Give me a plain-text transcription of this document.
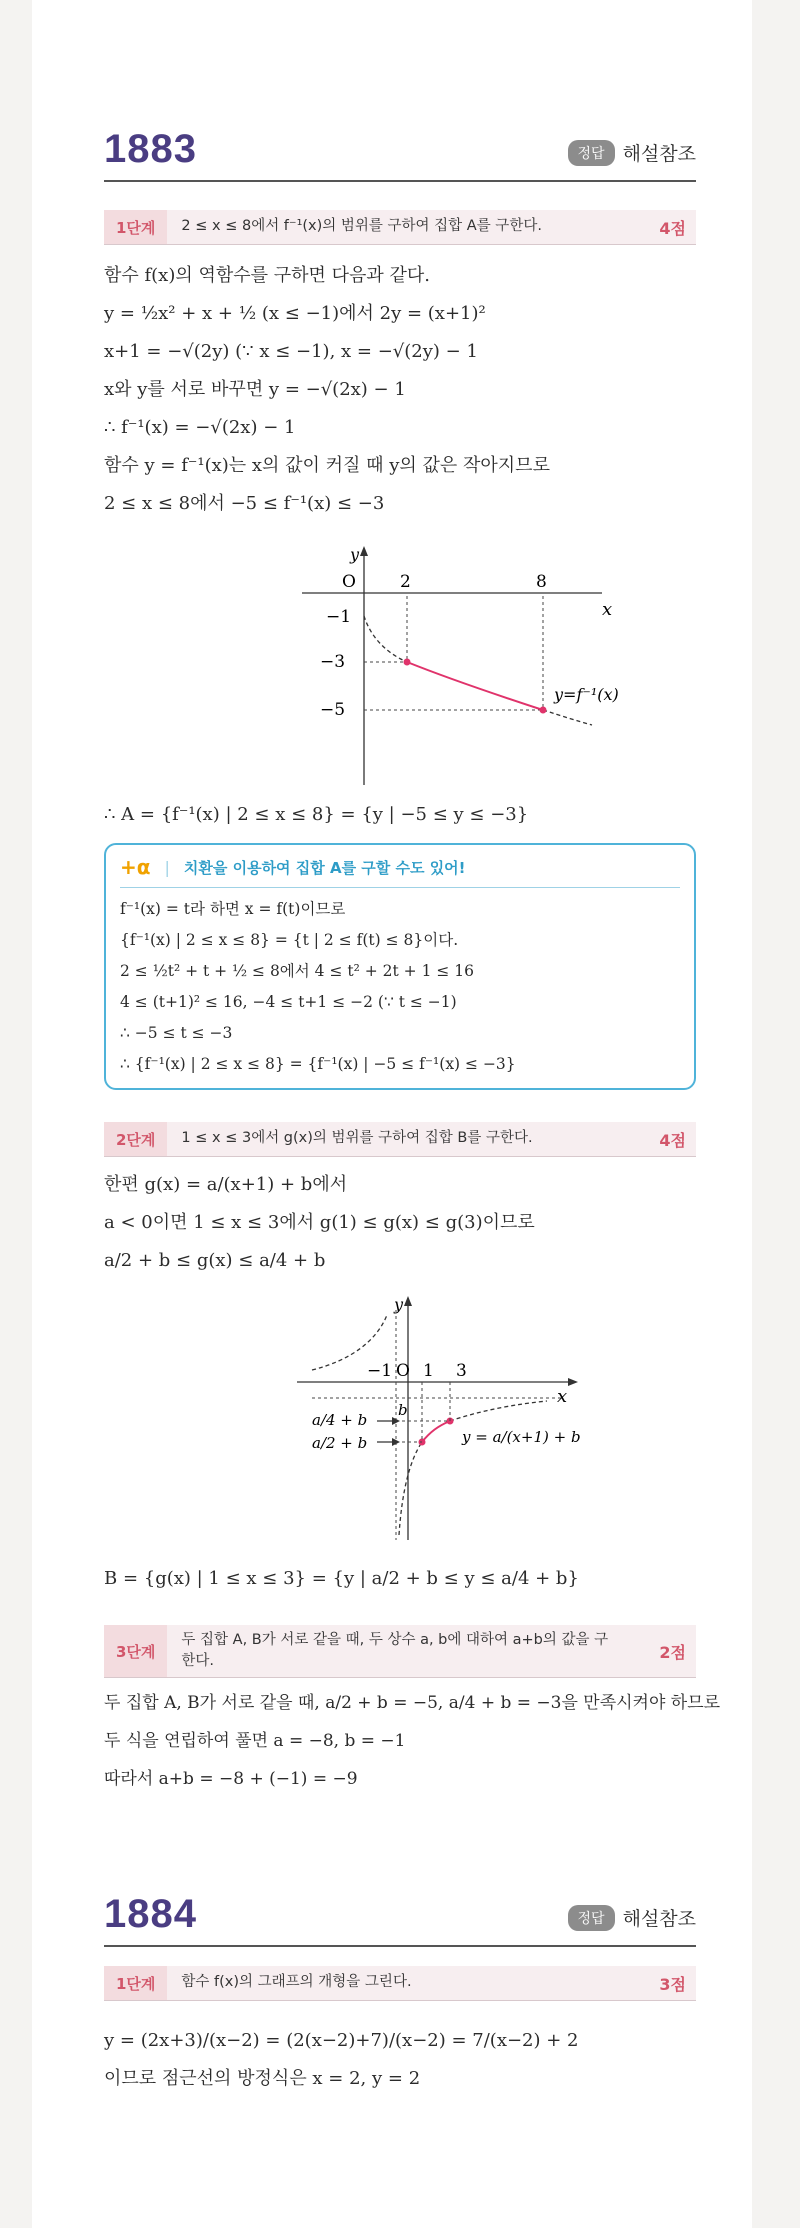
1883	정답 해설참조
1단계	2 ≤ x ≤ 8에서 f⁻¹(x)의 범위를 구하여 집합 A를 구한다.	4점
함수 f(x)의 역함수를 구하면 다음과 같다.
y = ½x² + x + ½ (x ≤ −1)에서 2y = (x+1)²
x+1 = −√(2y) (∵ x ≤ −1), x = −√(2y) − 1
x와 y를 서로 바꾸면 y = −√(2x) − 1
∴ f⁻¹(x) = −√(2x) − 1
함수 y = f⁻¹(x)는 x의 값이 커질 때 y의 값은 작아지므로
2 ≤ x ≤ 8에서 −5 ≤ f⁻¹(x) ≤ −3
y
x
O	2	8
−1
−3
−5
y=f⁻¹(x)
∴ A = {f⁻¹(x) | 2 ≤ x ≤ 8} = {y | −5 ≤ y ≤ −3}
+α | 치환을 이용하여 집합 A를 구할 수도 있어!
f⁻¹(x) = t라 하면 x = f(t)이므로
{f⁻¹(x) | 2 ≤ x ≤ 8} = {t | 2 ≤ f(t) ≤ 8}이다.
2 ≤ ½t² + t + ½ ≤ 8에서 4 ≤ t² + 2t + 1 ≤ 16
4 ≤ (t+1)² ≤ 16, −4 ≤ t+1 ≤ −2 (∵ t ≤ −1)
∴ −5 ≤ t ≤ −3
∴ {f⁻¹(x) | 2 ≤ x ≤ 8} = {f⁻¹(x) | −5 ≤ f⁻¹(x) ≤ −3}
2단계	1 ≤ x ≤ 3에서 g(x)의 범위를 구하여 집합 B를 구한다.	4점
한편 g(x) = a/(x+1) + b에서
a < 0이면 1 ≤ x ≤ 3에서 g(1) ≤ g(x) ≤ g(3)이므로
a/2 + b ≤ g(x) ≤ a/4 + b
y
x
−1 O 1 3
b
a/4 + b
a/2 + b	y = a/(x+1) + b
B = {g(x) | 1 ≤ x ≤ 3} = {y | a/2 + b ≤ y ≤ a/4 + b}
3단계
두 집합 A, B가 서로 같을 때, 두 상수 a, b에 대하여 a+b의 값을 구한다.	2점
두 집합 A, B가 서로 같을 때, a/2 + b = −5, a/4 + b = −3을 만족시켜야 하므로
두 식을 연립하여 풀면 a = −8, b = −1
따라서 a+b = −8 + (−1) = −9
1884	정답 해설참조
1단계	함수 f(x)의 그래프의 개형을 그린다.	3점
y = (2x+3)/(x−2) = (2(x−2)+7)/(x−2) = 7/(x−2) + 2
이므로 점근선의 방정식은 x = 2, y = 2
